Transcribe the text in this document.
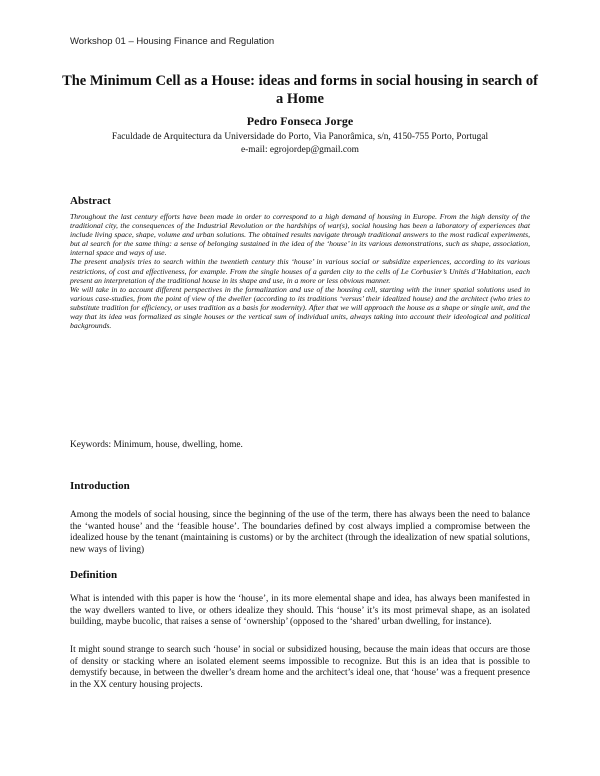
Workshop 01 – Housing Finance and Regulation
The Minimum Cell as a House: ideas and forms in social housing in search of a Home
Pedro Fonseca Jorge
Faculdade de Arquitectura da Universidade do Porto, Via Panorâmica, s/n, 4150-755 Porto, Portugal
e-mail: egrojordep@gmail.com
Abstract

Throughout the last century efforts have been made in order to correspond to a high demand of housing in Europe. From the high density of the traditional city, the consequences of the Industrial Revolution or the hardships of war(s), social housing has been a laboratory of experiences that include living space, shape, volume and urban solutions. The obtained results navigate through traditional answers to the most radical experiments, but al search for the same thing: a sense of belonging sustained in the idea of the ‘house’ in its various demonstrations, such as shape, association, internal space and ways of use.

The present analysis tries to search within the twentieth century this ‘house’ in various social or subsidize experiences, according to its various restrictions, of cost and effectiveness, for example. From the single houses of a garden city to the cells of Le Corbusier’s Unités d’Habitation, each present an interpretation of the traditional house in its shape and use, in a more or less obvious manner.

We will take in to account different perspectives in the formalization and use of the housing cell, starting with the inner spatial solutions used in various case-studies, from the point of view of the dweller (according to its traditions ‘versus’ their idealized house) and the architect (who tries to substitute tradition for efficiency, or uses tradition as a basis for modernity). After that we will approach the house as a shape or single unit, and the way that its idea was formalized as single houses or the vertical sum of individual units, always taking into account their ideological and political backgrounds.

Keywords: Minimum, house, dwelling, home.
Introduction

Among the models of social housing, since the beginning of the use of the term, there has always been the need to balance the ‘wanted house’ and the ‘feasible house’. The boundaries defined by cost always implied a compromise between the idealized house by the tenant (maintaining is customs) or by the architect (through the idealization of new spatial solutions, new ways of living)

Definition

What is intended with this paper is how the ‘house’, in its more elemental shape and idea, has always been manifested in the way dwellers wanted to live, or others idealize they should. This ‘house’ it’s its most primeval shape, as an isolated building, maybe bucolic, that raises a sense of ‘ownership’ (opposed to the ‘shared’ urban dwelling, for instance).

It might sound strange to search such ‘house’ in social or subsidized housing, because the main ideas that occurs are those of density or stacking where an isolated element seems impossible to recognize. But this is an idea that is possible to demystify because, in between the dweller’s dream home and the architect’s ideal one, that ‘house’ was a frequent presence in the XX century housing projects.
